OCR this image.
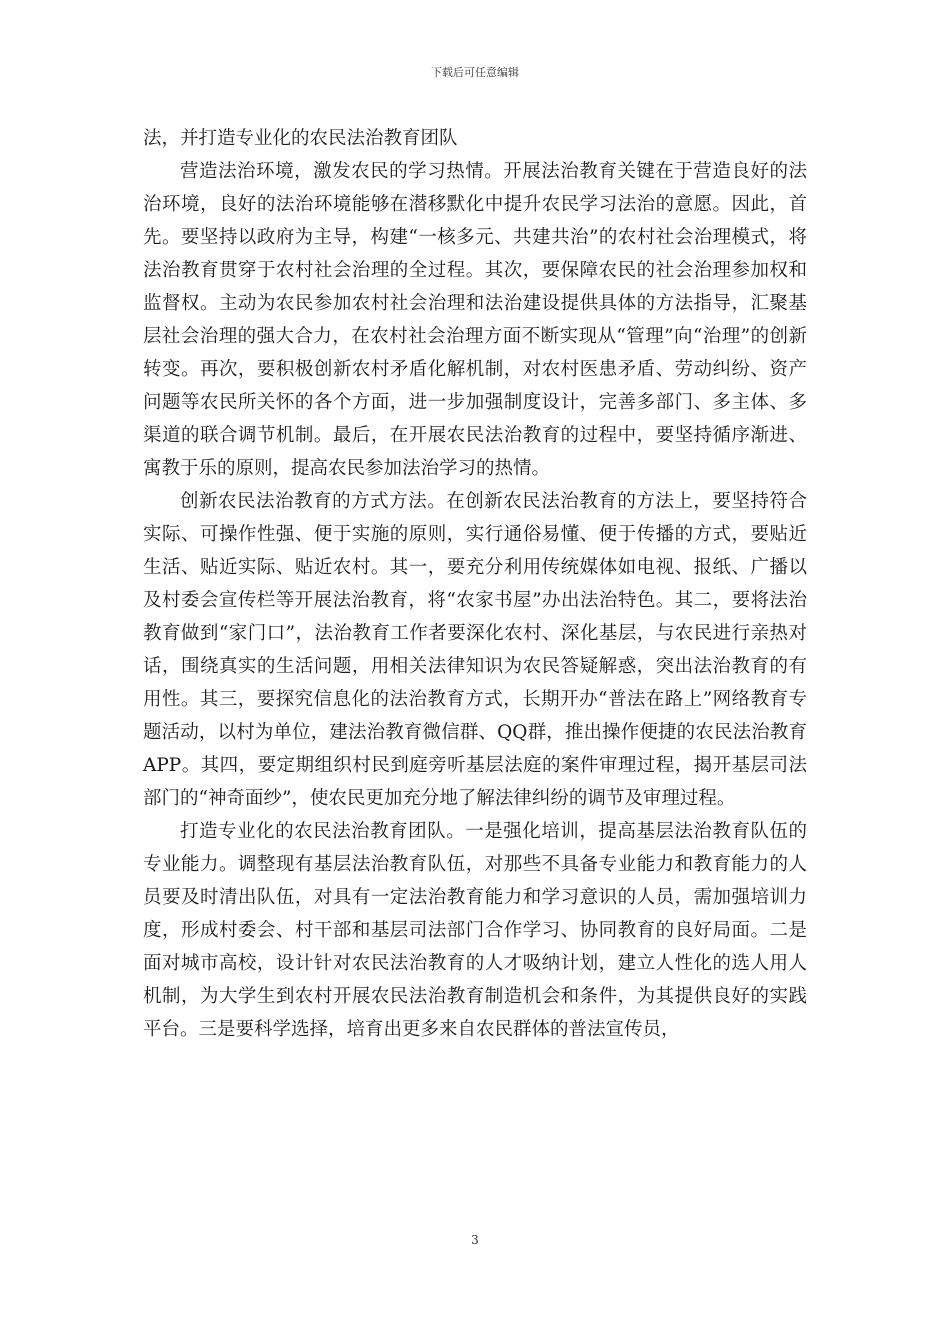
下载后可任意编辑

法，并打造专业化的农民法治教育团队

营造法治环境，激发农民的学习热情。开展法治教育关键在于营造良好的法治环境，良好的法治环境能够在潜移默化中提升农民学习法治的意愿。因此，首先。要坚持以政府为主导，构建“一核多元、共建共治”的农村社会治理模式，将法治教育贯穿于农村社会治理的全过程。其次，要保障农民的社会治理参加权和监督权。主动为农民参加农村社会治理和法治建设提供具体的方法指导，汇聚基层社会治理的强大合力，在农村社会治理方面不断实现从“管理”向“治理”的创新转变。再次，要积极创新农村矛盾化解机制，对农村医患矛盾、劳动纠纷、资产问题等农民所关怀的各个方面，进一步加强制度设计，完善多部门、多主体、多渠道的联合调节机制。最后，在开展农民法治教育的过程中，要坚持循序渐进、寓教于乐的原则，提高农民参加法治学习的热情。

创新农民法治教育的方式方法。在创新农民法治教育的方法上，要坚持符合实际、可操作性强、便于实施的原则，实行通俗易懂、便于传播的方式，要贴近生活、贴近实际、贴近农村。其一，要充分利用传统媒体如电视、报纸、广播以及村委会宣传栏等开展法治教育，将“农家书屋”办出法治特色。其二，要将法治教育做到“家门口”，法治教育工作者要深化农村、深化基层，与农民进行亲热对话，围绕真实的生活问题，用相关法律知识为农民答疑解惑，突出法治教育的有用性。其三，要探究信息化的法治教育方式，长期开办“普法在路上”网络教育专题活动，以村为单位，建法治教育微信群、QQ群，推出操作便捷的农民法治教育APP。其四，要定期组织村民到庭旁听基层法庭的案件审理过程，揭开基层司法部门的“神奇面纱”，使农民更加充分地了解法律纠纷的调节及审理过程。

打造专业化的农民法治教育团队。一是强化培训，提高基层法治教育队伍的专业能力。调整现有基层法治教育队伍，对那些不具备专业能力和教育能力的人员要及时清出队伍，对具有一定法治教育能力和学习意识的人员，需加强培训力度，形成村委会、村干部和基层司法部门合作学习、协同教育的良好局面。二是面对城市高校，设计针对农民法治教育的人才吸纳计划，建立人性化的选人用人机制，为大学生到农村开展农民法治教育制造机会和条件，为其提供良好的实践平台。三是要科学选择，培育出更多来自农民群体的普法宣传员，

3
